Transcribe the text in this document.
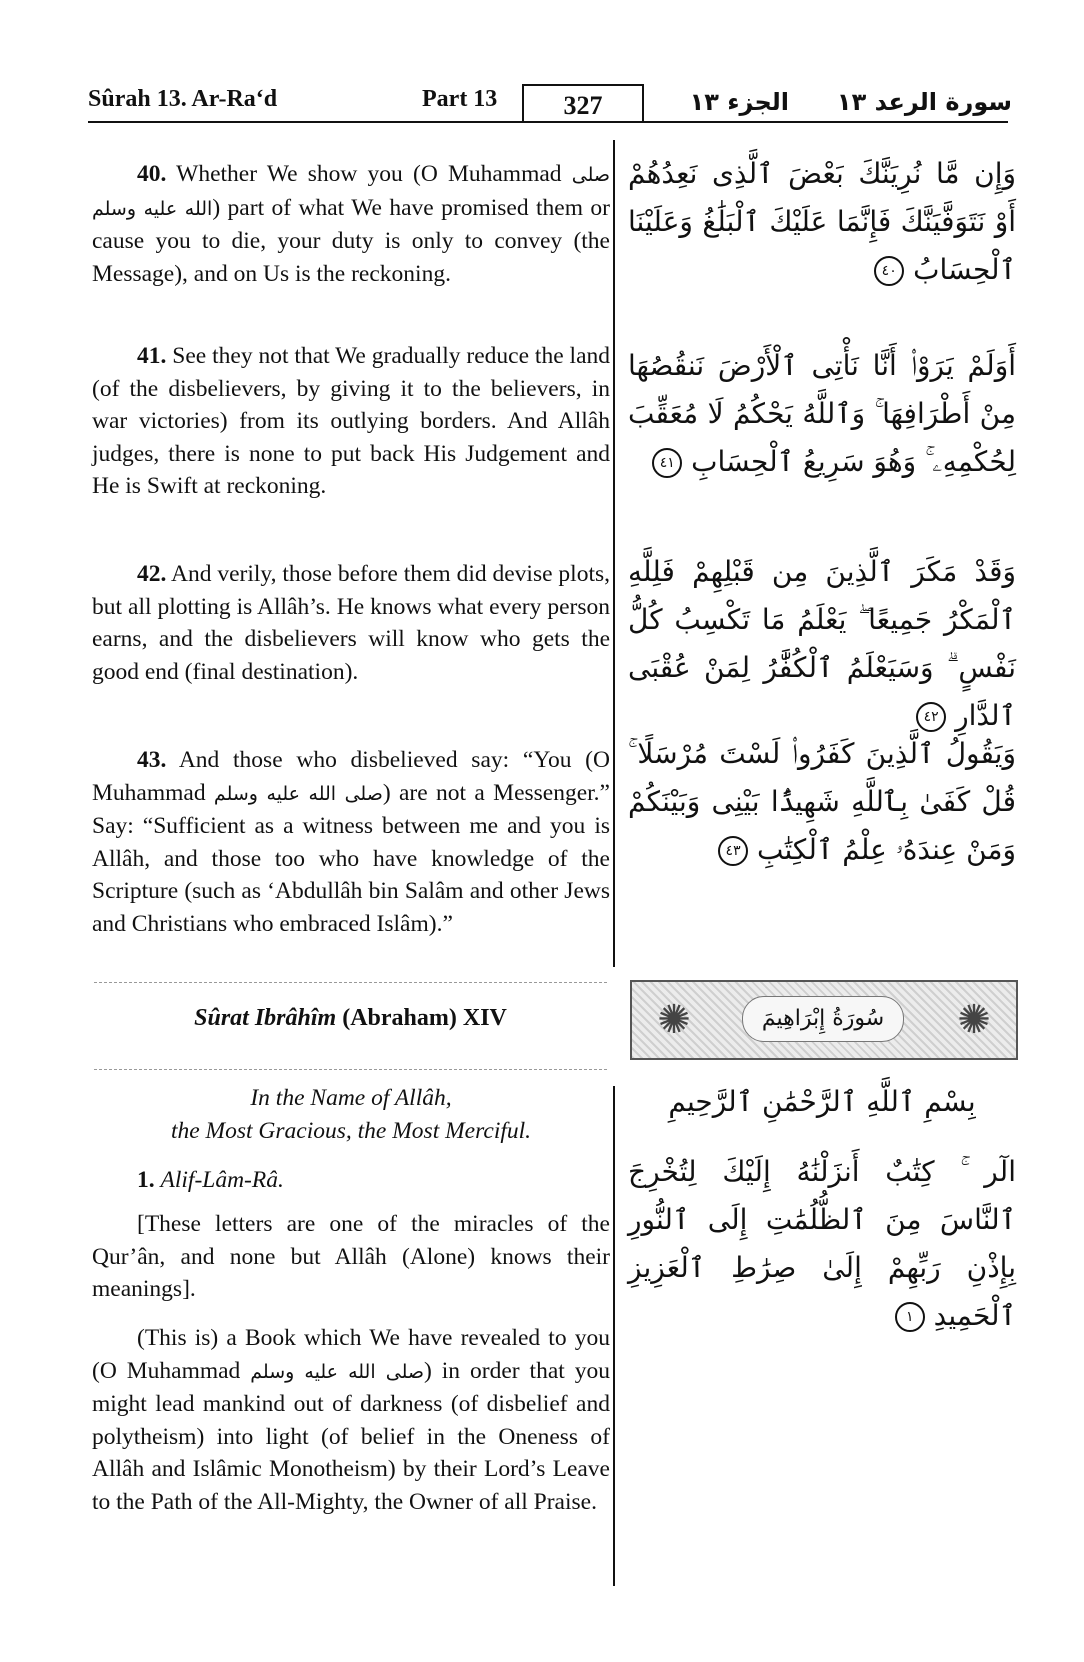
Sûrah 13. Ar-Ra‘d	Part 13	327	الجزء ١٣ سورة الرعد ١٣

40. Whether We show you (O Muhammad صلى الله عليه وسلم) part of what We have promised them or cause you to die, your duty is only to convey (the Message), and on Us is the reckoning.

41. See they not that We gradually reduce the land (of the disbelievers, by giving it to the believers, in war victories) from its outlying borders. And Allâh judges, there is none to put back His Judgement and He is Swift at reckoning.

42. And verily, those before them did devise plots, but all plotting is Allâh’s. He knows what every person earns, and the disbelievers will know who gets the good end (final destination).

43. And those who disbelieved say: “You (O Muhammad صلى الله عليه وسلم) are not a Messenger.” Say: “Sufficient as a witness between me and you is Allâh, and those too who have knowledge of the Scripture (such as ‘Abdullâh bin Salâm and other Jews and Christians who embraced Islâm).”

Sûrat Ibrâhîm (Abraham) XIV

In the Name of Allâh,

the Most Gracious, the Most Merciful.

1. Alif-Lâm-Râ.

[These letters are one of the miracles of the Qur’ân, and none but Allâh (Alone) knows their meanings].

(This is) a Book which We have revealed to you (O Muhammad صلى الله عليه وسلم) in order that you might lead mankind out of darkness (of disbelief and polytheism) into light (of belief in the Oneness of Allâh and Islâmic Monotheism) by their Lord’s Leave to the Path of the All-Mighty, the Owner of all Praise.

وَإِن مَّا نُرِيَنَّكَ بَعْضَ ٱلَّذِى نَعِدُهُمْ أَوْ نَتَوَفَّيَنَّكَ فَإِنَّمَا عَلَيْكَ ٱلْبَلَٰغُ وَعَلَيْنَا ٱلْحِسَابُ ٤٠
أَوَلَمْ يَرَوْا۟ أَنَّا نَأْتِى ٱلْأَرْضَ نَنقُصُهَا مِنْ أَطْرَافِهَا ۚ وَٱللَّهُ يَحْكُمُ لَا مُعَقِّبَ لِحُكْمِهِۦ ۚ وَهُوَ سَرِيعُ ٱلْحِسَابِ ٤١
وَقَدْ مَكَرَ ٱلَّذِينَ مِن قَبْلِهِمْ فَلِلَّهِ ٱلْمَكْرُ جَمِيعًا ۖ يَعْلَمُ مَا تَكْسِبُ كُلُّ نَفْسٍ ۗ وَسَيَعْلَمُ ٱلْكُفَّٰرُ لِمَنْ عُقْبَى ٱلدَّارِ ٤٢
وَيَقُولُ ٱلَّذِينَ كَفَرُوا۟ لَسْتَ مُرْسَلًا ۚ قُلْ كَفَىٰ بِٱللَّهِ شَهِيدًۢا بَيْنِى وَبَيْنَكُمْ وَمَنْ عِندَهُۥ عِلْمُ ٱلْكِتَٰبِ ٤٣
✺	سُورَةُ إِبْرَاهِيمَ	✺
بِسْمِ ٱللَّهِ ٱلرَّحْمَٰنِ ٱلرَّحِيمِ
الٓر ۚ كِتَٰبٌ أَنزَلْنَٰهُ إِلَيْكَ لِتُخْرِجَ ٱلنَّاسَ مِنَ ٱلظُّلُمَٰتِ إِلَى ٱلنُّورِ بِإِذْنِ رَبِّهِمْ إِلَىٰ صِرَٰطِ ٱلْعَزِيزِ ٱلْحَمِيدِ ١
